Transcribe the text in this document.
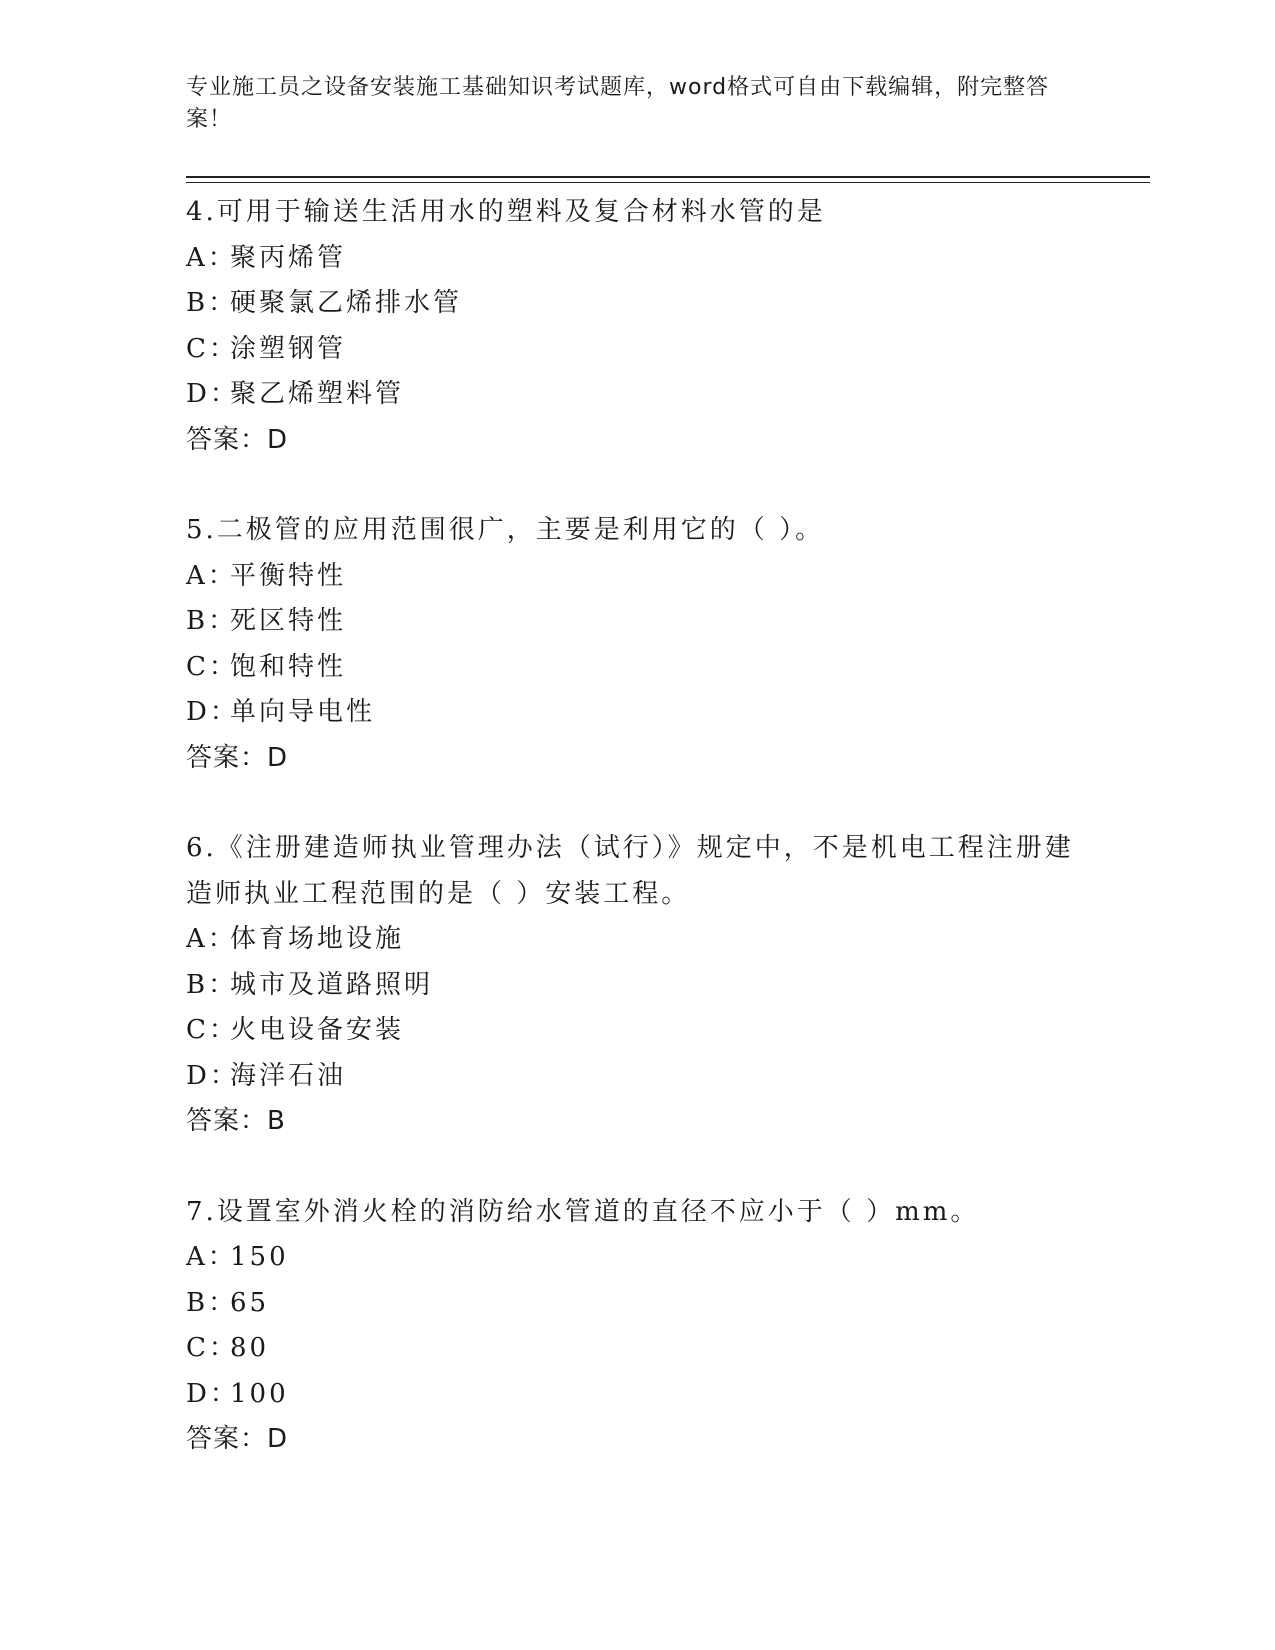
专业施工员之设备安装施工基础知识考试题库，word格式可自由下载编辑，附完整答案！
4.可用于输送生活用水的塑料及复合材料水管的是
A：聚丙烯管
B：硬聚氯乙烯排水管
C：涂塑钢管
D：聚乙烯塑料管
答案：D
5.二极管的应用范围很广，主要是利用它的（ ）。
A：平衡特性
B：死区特性
C：饱和特性
D：单向导电性
答案：D
6.《注册建造师执业管理办法（试行）》规定中，不是机电工程注册建造师执业工程范围的是（ ）安装工程。
A：体育场地设施
B：城市及道路照明
C：火电设备安装
D：海洋石油
答案：B
7.设置室外消火栓的消防给水管道的直径不应小于（ ）mm。
A：150
B：65
C：80
D：100
答案：D
